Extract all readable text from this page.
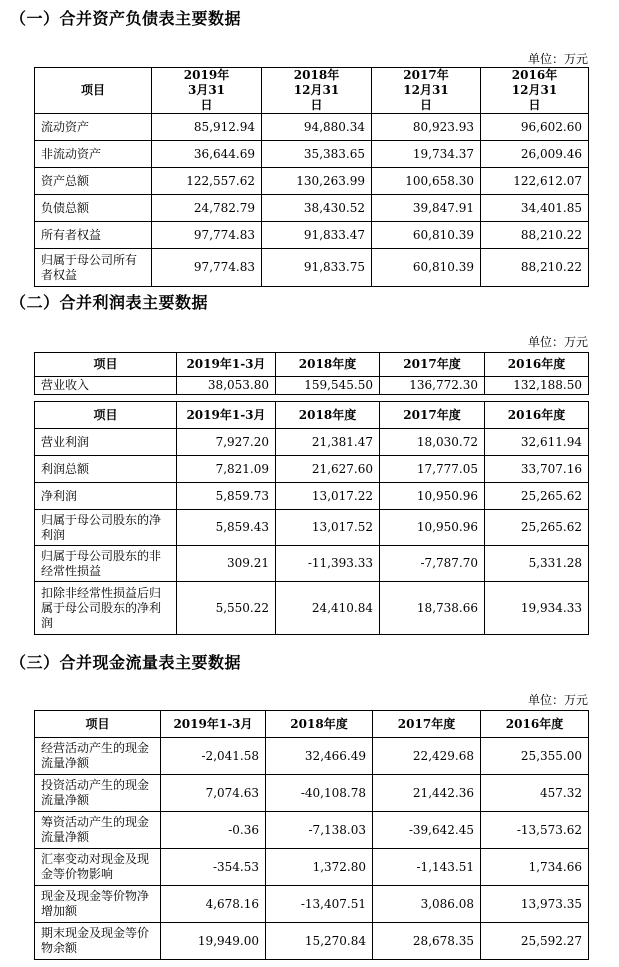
（一）合并资产负债表主要数据
单位：万元
项目	2019年3月31日	2018年12月31日	2017年12月31日	2016年12月31日
流动资产	85,912.94	94,880.34	80,923.93	96,602.60
非流动资产	36,644.69	35,383.65	19,734.37	26,009.46
资产总额	122,557.62	130,263.99	100,658.30	122,612.07
负债总额	24,782.79	38,430.52	39,847.91	34,401.85
所有者权益	97,774.83	91,833.47	60,810.39	88,210.22
归属于母公司所有者权益	97,774.83	91,833.75	60,810.39	88,210.22
（二）合并利润表主要数据
单位：万元
项目	2019年1-3月	2018年度	2017年度	2016年度
营业收入	38,053.80	159,545.50	136,772.30	132,188.50
项目	2019年1-3月	2018年度	2017年度	2016年度
营业利润	7,927.20	21,381.47	18,030.72	32,611.94
利润总额	7,821.09	21,627.60	17,777.05	33,707.16
净利润	5,859.73	13,017.22	10,950.96	25,265.62
归属于母公司股东的净利润	5,859.43	13,017.52	10,950.96	25,265.62
归属于母公司股东的非经常性损益	309.21	-11,393.33	-7,787.70	5,331.28
扣除非经常性损益后归属于母公司股东的净利润	5,550.22	24,410.84	18,738.66	19,934.33
（三）合并现金流量表主要数据
单位：万元
项目	2019年1-3月	2018年度	2017年度	2016年度
经营活动产生的现金流量净额	-2,041.58	32,466.49	22,429.68	25,355.00
投资活动产生的现金流量净额	7,074.63	-40,108.78	21,442.36	457.32
筹资活动产生的现金流量净额	-0.36	-7,138.03	-39,642.45	-13,573.62
汇率变动对现金及现金等价物影响	-354.53	1,372.80	-1,143.51	1,734.66
现金及现金等价物净增加额	4,678.16	-13,407.51	3,086.08	13,973.35
期末现金及现金等价物余额	19,949.00	15,270.84	28,678.35	25,592.27
